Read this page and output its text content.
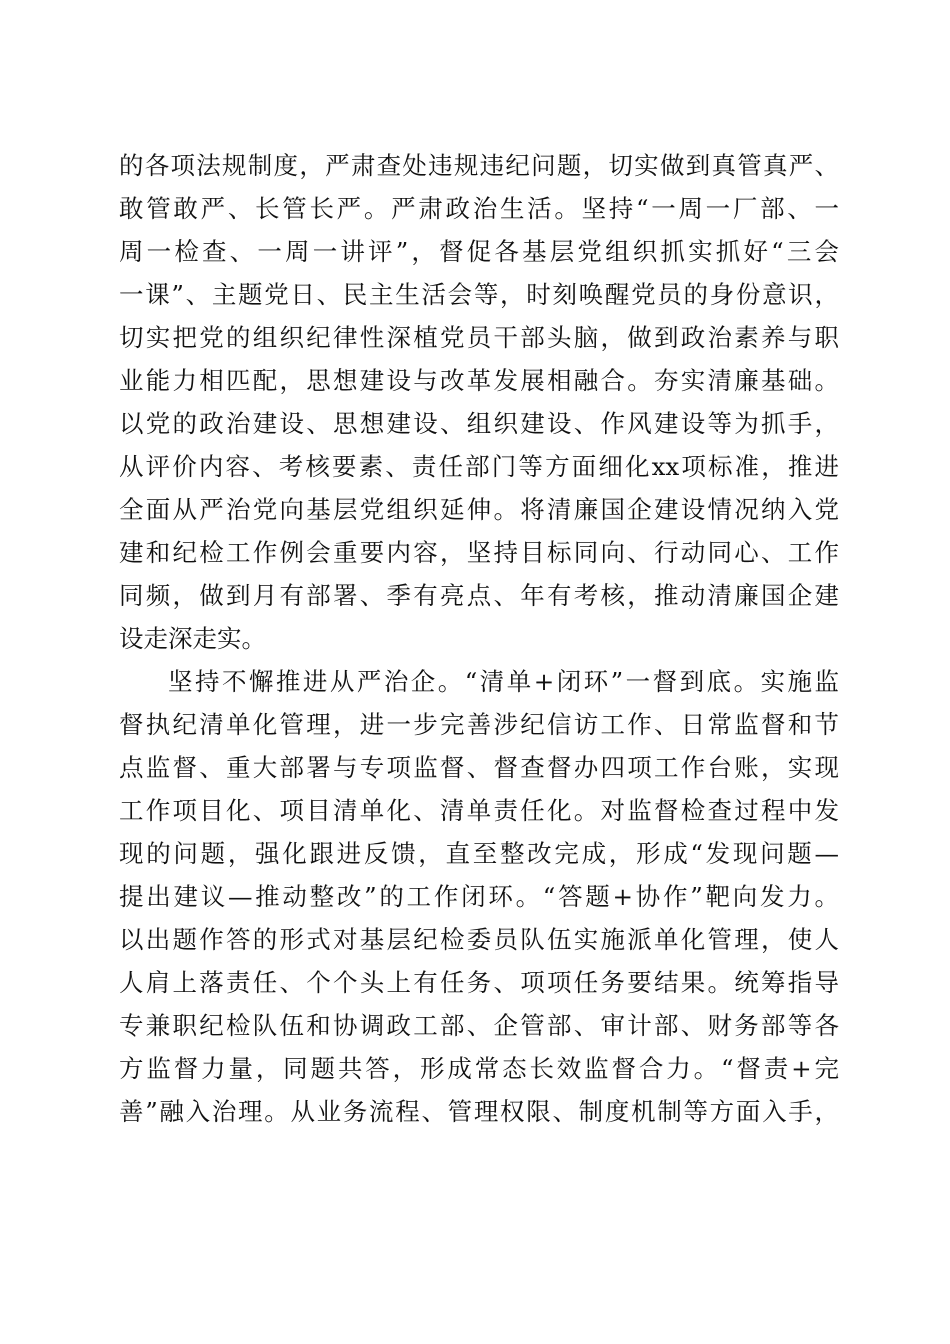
的各项法规制度，严肃查处违规违纪问题，切实做到真管真严、
敢管敢严、长管长严。严肃政治生活。坚持“一周一厂部、一
周一检查、一周一讲评”，督促各基层党组织抓实抓好“三会
一课”、主题党日、民主生活会等，时刻唤醒党员的身份意识，
切实把党的组织纪律性深植党员干部头脑，做到政治素养与职
业能力相匹配，思想建设与改革发展相融合。夯实清廉基础。
以党的政治建设、思想建设、组织建设、作风建设等为抓手，
从评价内容、考核要素、责任部门等方面细化xx项标准，推进
全面从严治党向基层党组织延伸。将清廉国企建设情况纳入党
建和纪检工作例会重要内容，坚持目标同向、行动同心、工作
同频，做到月有部署、季有亮点、年有考核，推动清廉国企建
设走深走实。
坚持不懈推进从严治企。“清单+闭环”一督到底。实施监
督执纪清单化管理，进一步完善涉纪信访工作、日常监督和节
点监督、重大部署与专项监督、督查督办四项工作台账，实现
工作项目化、项目清单化、清单责任化。对监督检查过程中发
现的问题，强化跟进反馈，直至整改完成，形成“发现问题—
提出建议—推动整改”的工作闭环。“答题+协作”靶向发力。
以出题作答的形式对基层纪检委员队伍实施派单化管理，使人
人肩上落责任、个个头上有任务、项项任务要结果。统筹指导
专兼职纪检队伍和协调政工部、企管部、审计部、财务部等各
方监督力量，同题共答，形成常态长效监督合力。“督责+完
善”融入治理。从业务流程、管理权限、制度机制等方面入手，
